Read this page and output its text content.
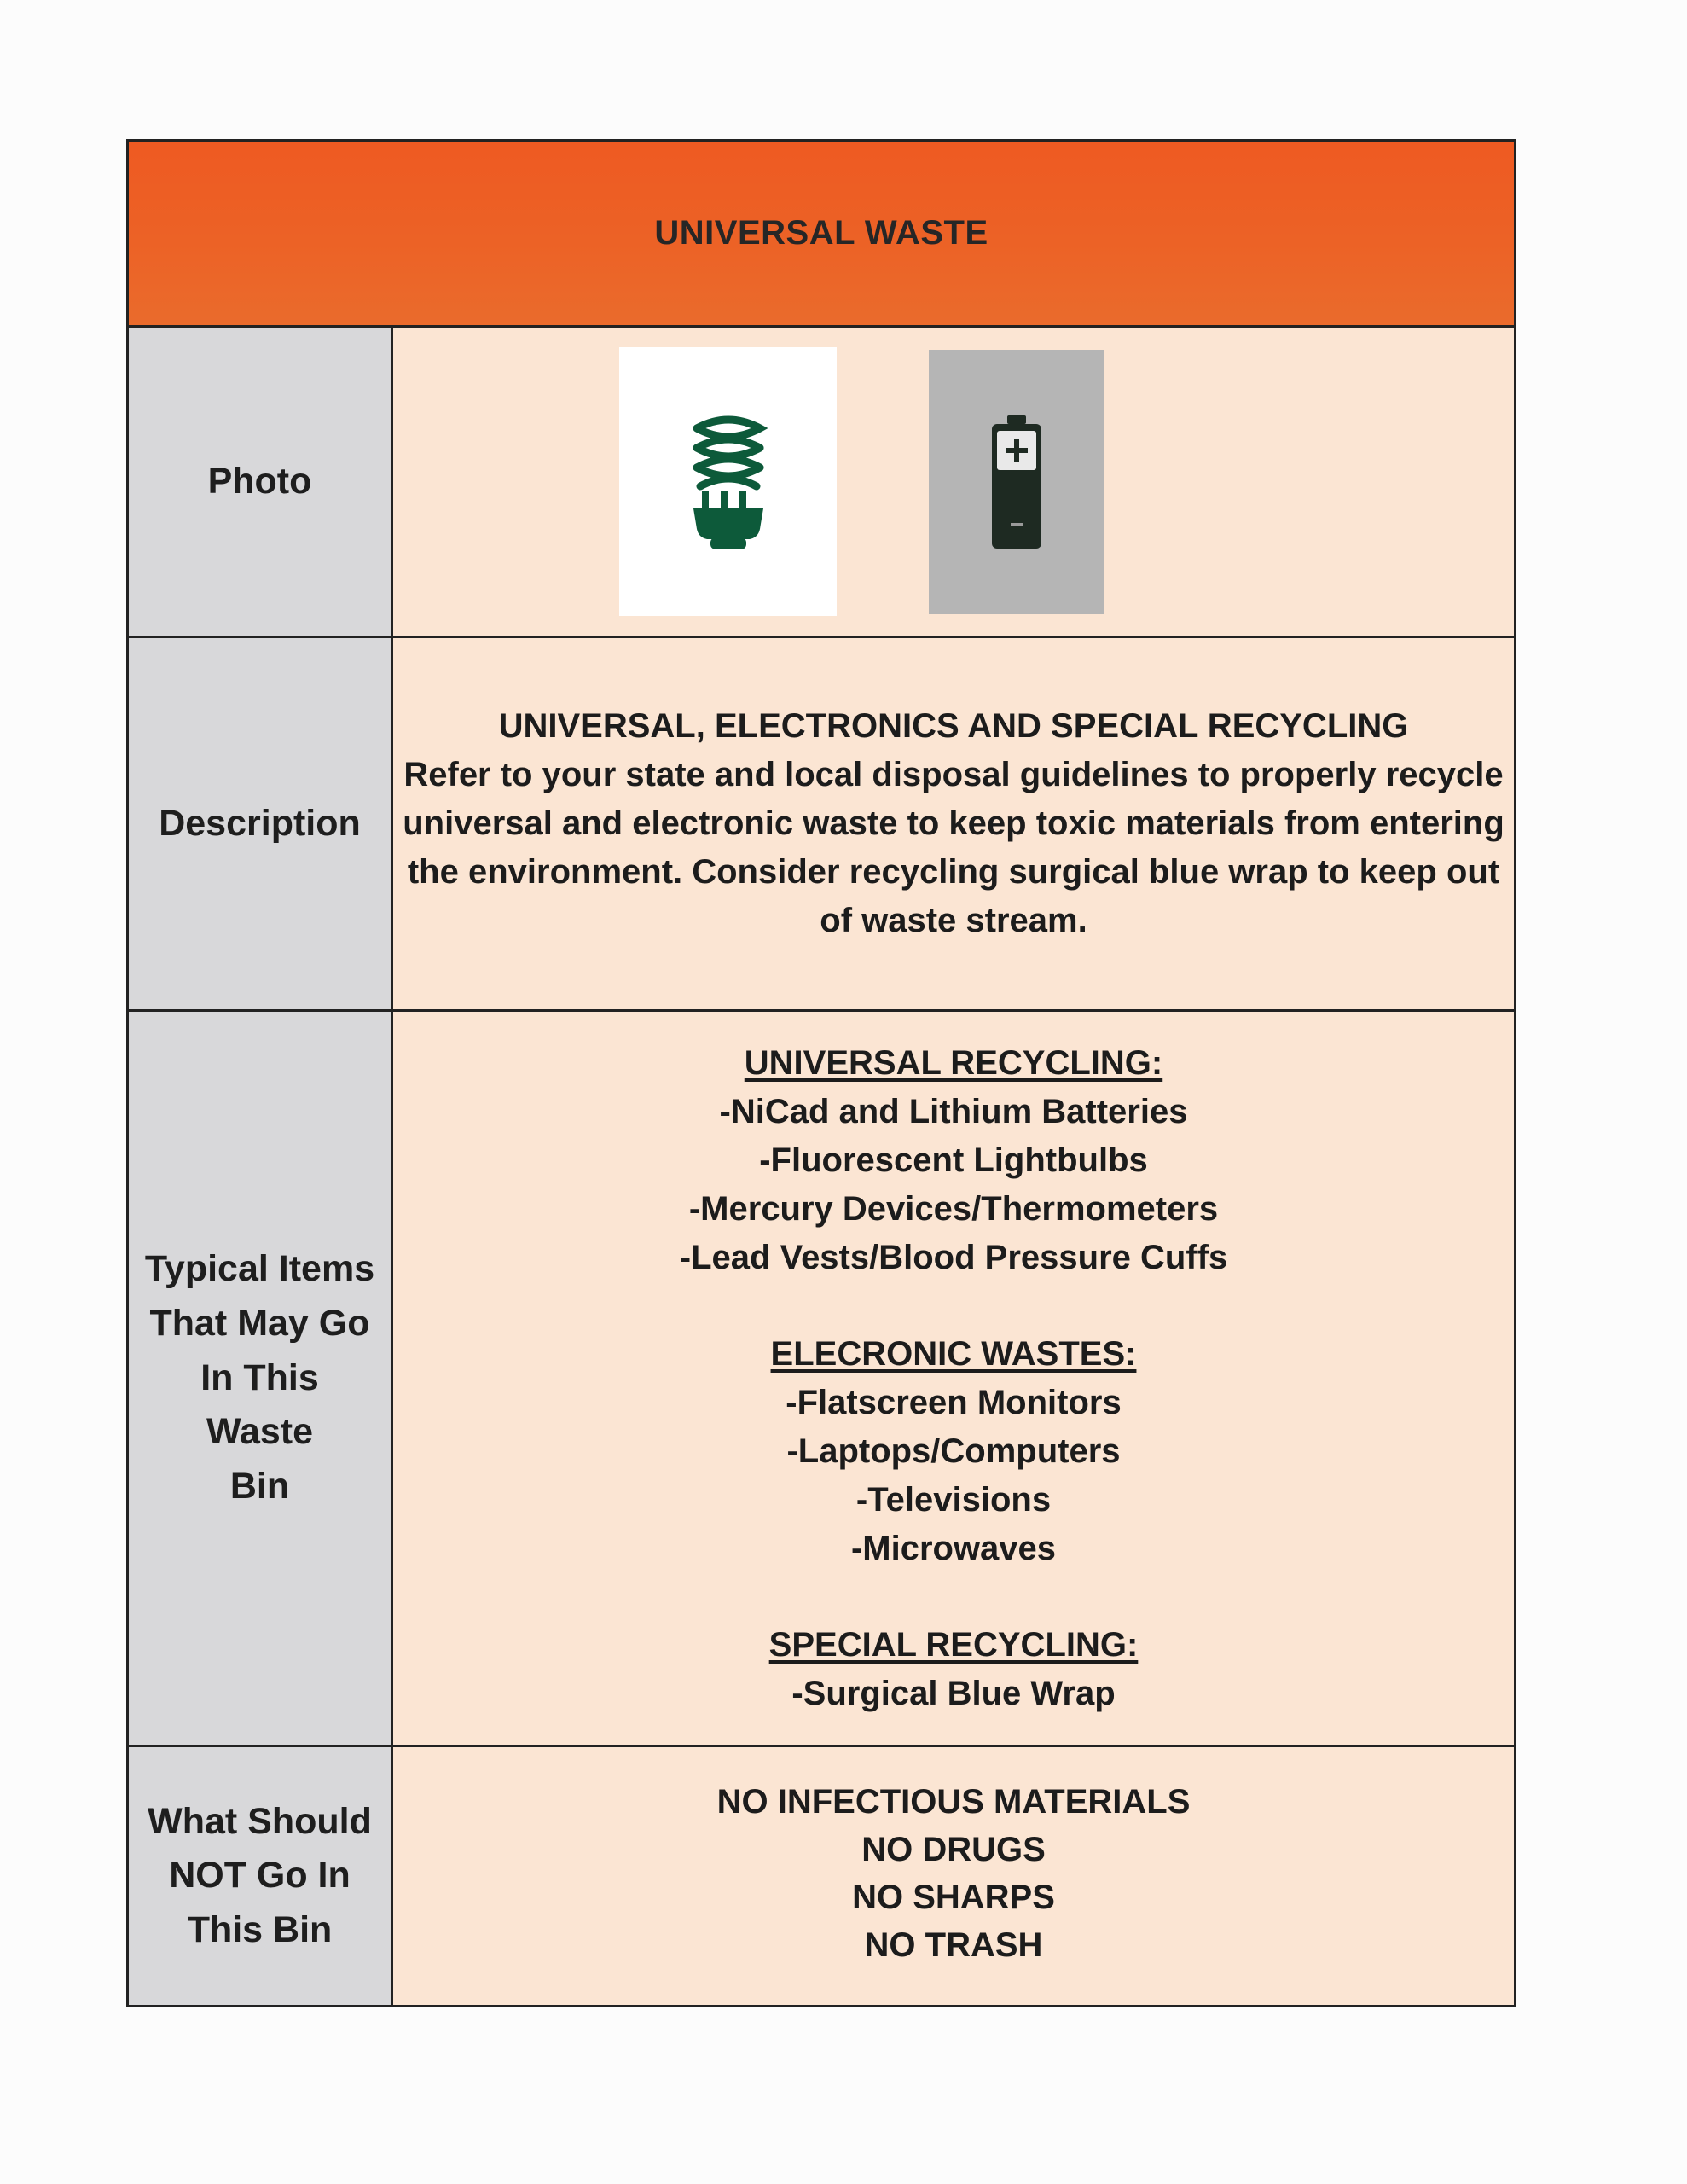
UNIVERSAL WASTE
Photo
Description
UNIVERSAL, ELECTRONICS AND SPECIAL RECYCLING
Refer to your state and local disposal guidelines to properly recycle
universal and electronic waste to keep toxic materials from entering
the environment. Consider recycling surgical blue wrap to keep out
of waste stream.
Typical Items
That May Go
In This Waste
Bin
UNIVERSAL RECYCLING:
-NiCad and Lithium Batteries
-Fluorescent Lightbulbs
-Mercury Devices/Thermometers
-Lead Vests/Blood Pressure Cuffs
ELECRONIC WASTES:
-Flatscreen Monitors
-Laptops/Computers
-Televisions
-Microwaves
SPECIAL RECYCLING:
-Surgical Blue Wrap
What Should
NOT Go In
This Bin
NO INFECTIOUS MATERIALS
NO DRUGS
NO SHARPS
NO TRASH
